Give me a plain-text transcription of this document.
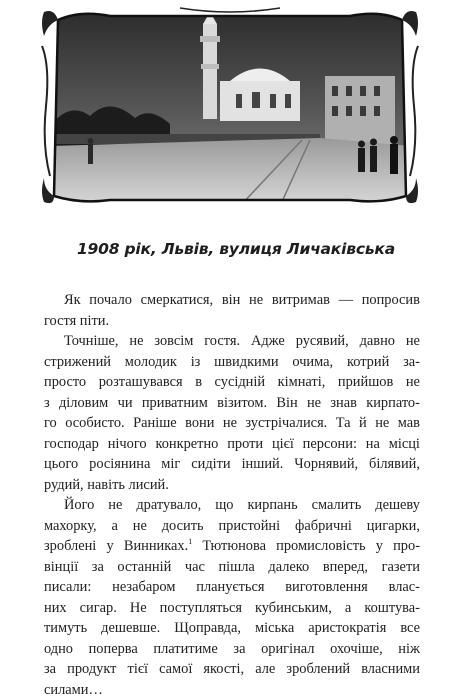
1908 рік, Львів, вулиця Личаківська
Як почало смеркатися, він не витримав — попросив
гостя піти.
Точніше, не зовсім гостя. Адже русявий, давно не
стрижений молодик із швидкими очима, котрий за-
просто розташувався в сусідній кімнаті, прийшов не
з діловим чи приватним візитом. Він не знав кирпато-
го особисто. Раніше вони не зустрічалися. Та й не мав
господар нічого конкретно проти цієї персони: на місці
цього росіянина міг сидіти інший. Чорнявий, білявий,
рудий, навіть лисий.
Його не дратувало, що кирпань смалить дешеву
махорку, а не досить пристойні фабричні цигарки,
зроблені у Винниках.$^1$ Тютюнова промисловість у про-
вінції за останній час пішла далеко вперед, газети
писали: незабаром планується виготовлення влас-
них сигар. Не поступляться кубинським, а коштува-
тимуть дешевше. Щоправда, міська аристократія все
одно поперва платитиме за оригінал охочіше, ніж
за продукт тієї самої якості, але зроблений власними
силами…
